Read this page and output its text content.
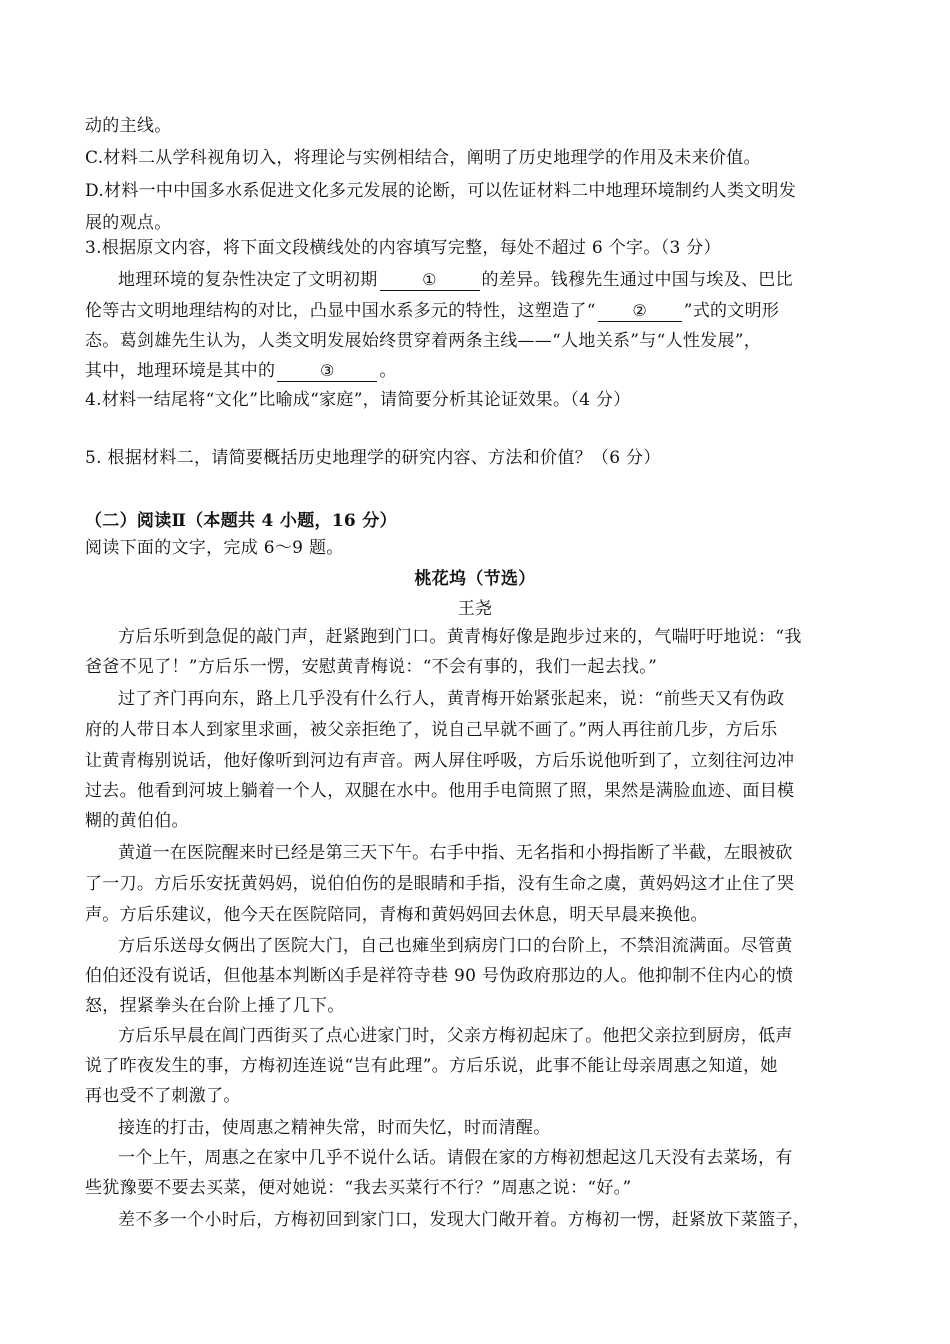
动的主线。
C.材料二从学科视角切入，将理论与实例相结合，阐明了历史地理学的作用及未来价值。
D.材料一中中国多水系促进文化多元发展的论断，可以佐证材料二中地理环境制约人类文明发
展的观点。
3.根据原文内容，将下面文段横线处的内容填写完整，每处不超过 6 个字。（3 分）
地理环境的复杂性决定了文明初期	①	的差异。钱穆先生通过中国与埃及、巴比
伦等古文明地理结构的对比，凸显中国水系多元的特性，这塑造了“ ② ”式的文明形
态。葛剑雄先生认为，人类文明发展始终贯穿着两条主线——“人地关系”与“人性发展”，
其中，地理环境是其中的	③	。
4.材料一结尾将“文化”比喻成“家庭”，请简要分析其论证效果。（4 分）
5. 根据材料二，请简要概括历史地理学的研究内容、方法和价值？（6 分）
（二）阅读Ⅱ（本题共 4 小题，16 分）
阅读下面的文字，完成 6～9 题。
桃花坞（节选）
王尧
方后乐听到急促的敲门声，赶紧跑到门口。黄青梅好像是跑步过来的，气喘吁吁地说：“我
爸爸不见了！”方后乐一愣，安慰黄青梅说：“不会有事的，我们一起去找。”
过了齐门再向东，路上几乎没有什么行人，黄青梅开始紧张起来，说：“前些天又有伪政
府的人带日本人到家里求画，被父亲拒绝了，说自己早就不画了。”两人再往前几步，方后乐
让黄青梅别说话，他好像听到河边有声音。两人屏住呼吸，方后乐说他听到了，立刻往河边冲
过去。他看到河坡上躺着一个人，双腿在水中。他用手电筒照了照，果然是满脸血迹、面目模
糊的黄伯伯。
黄道一在医院醒来时已经是第三天下午。右手中指、无名指和小拇指断了半截，左眼被砍
了一刀。方后乐安抚黄妈妈，说伯伯伤的是眼睛和手指，没有生命之虞，黄妈妈这才止住了哭
声。方后乐建议，他今天在医院陪同，青梅和黄妈妈回去休息，明天早晨来换他。
方后乐送母女俩出了医院大门，自己也瘫坐到病房门口的台阶上，不禁泪流满面。尽管黄
伯伯还没有说话，但他基本判断凶手是祥符寺巷 90 号伪政府那边的人。他抑制不住内心的愤
怒，捏紧拳头在台阶上捶了几下。
方后乐早晨在阊门西街买了点心进家门时，父亲方梅初起床了。他把父亲拉到厨房，低声
说了昨夜发生的事，方梅初连连说“岂有此理”。方后乐说，此事不能让母亲周惠之知道，她
再也受不了刺激了。
接连的打击，使周惠之精神失常，时而失忆，时而清醒。
一个上午，周惠之在家中几乎不说什么话。请假在家的方梅初想起这几天没有去菜场，有
些犹豫要不要去买菜，便对她说：“我去买菜行不行？”周惠之说：“好。”
差不多一个小时后，方梅初回到家门口，发现大门敞开着。方梅初一愣，赶紧放下菜篮子，
